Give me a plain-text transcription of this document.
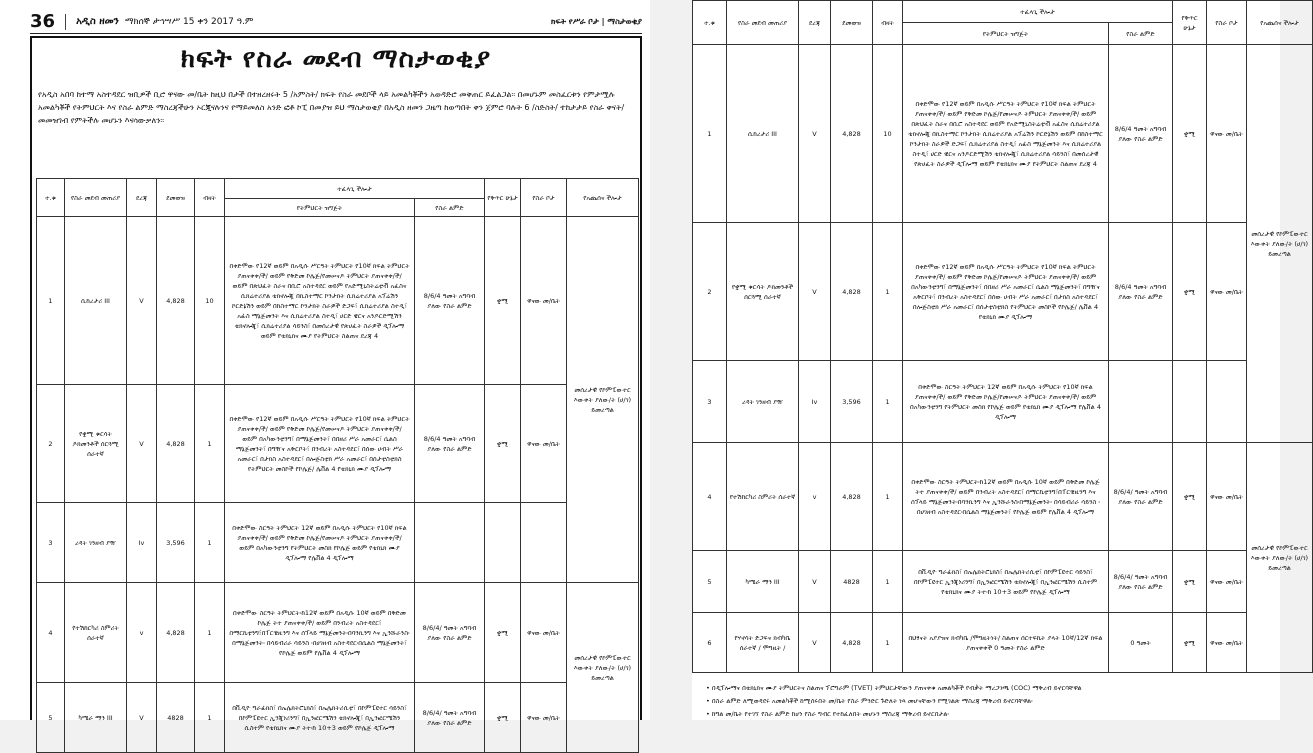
36 አዲስ ዘመን ማክሰኞ ታኅሣሥ 15 ቀን 2017 ዓ.ም	ክፍት የሥራ ቦታ | ማስታወቂያ
ክፍት የስራ መደብ ማስታወቂያ
የአዲስ አበባ ከተማ አስተዳደር ዝቢዎች ቢሮ ዋናው መ/ቤት ከዚህ በታች በተዘረዘሩት 5 /አምስት/ ክፍት የስራ መደቦች ላይ አመልካቾችን አወዳድሮ መቅጠር ይፈልጋል፡፡ በመሆኑም መስፈርቱን የምታሟሉ አመልካቾች የትምህርት እና የስራ ልምድ ማስረጃችሁን ኦርጂናሉንና የማይመለስ አንድ ፎቶ ኮፒ በመያዝ ይህ ማስታወቂያ በአዲስ ዘመን ጋዜጣ ከወጣበት ቀን ጀምሮ ባሉት 6 /ስድስት/ ተከታታይ የስራ ቀናት/ መመዝገብ የምትችሉ መሆኑን እናሳውቃለን፡፡
ተ.ቁ	የስራ መደብ መጠሪያ	ደረጃ	ደመወዝ	ብዛት	ተፈላጊ ችሎታ		የቅጥር ሁኔታ	የስራ ቦታ	የአጨሰና ችሎታ
					የትምህርት ዝግጅት	የስራ ልምድ			
1	ሲከረታሪ III	V	4,828	10	በቀድሞው የ12ኛ ወይም በአዲሱ ሥርዓት ትምህርት የ10ኛ ክፍል ትምህርት ያጠናቀቀ/ች/ ወይም የቅድመ ኮሌጅ/የመሠናዶ ትምህርት ያጠናቀቀ/ች/ ወይም በጽህፈት ስራና በቢሮ አስተዳደር ወይም የአድሚኒስትሬቲቭ አፈስና ሲክሬተሪያል ቴክኖሎጂ በኪስተማር ኮንታክት ሲክሬተሪያል አፕሬሽን ኮርድኔሽን ወይም በከስተማር ኮንታክት ስራዎች ድጋፍ፣ ሲክሬተሪያል ስተዲ፣ አፊስ ማኔጅመንት እና ሲክሬተሪያል ስተዲ፣ ሀርድ ዌርና አንዶርድሚሽን ቴክኖሎጂ፣ ሲክሬተሪያል ሳይንስ፣ በመሰረታዊ የጽሀፈት ስራዎች ዲፕሎማ ወይም የቴክኒክና ሙያ የትምህርት ስልጠና ደረጃ 4	8/6/4 ዓመት አግባብ ያለው የስራ ልምድ	ቋሚ	ዋናው መ/ቤት	መሰረታዊ የኮምፒውተር እውቀት ያለው/ት (ሀ/ገ) ይመረጣል
2	የቋሚ ቁርሳት ዶክመንቶች ሰርጓሚ ሰራተኛ	V	4,828	1	በቀድሞው የ12ኛ ወይም በአዲሱ ሥርዓት ትምህርት የ10ኛ ክፍል ትምህርት ያጠናቀቀ/ች/ ወይም የቅድመ ኮሌጅ/የመሠናዶ ትምህርት ያጠናቀቀ/ች/ ወይም በአካውንቲንግ፣ በማኔጅመንት፣ በበዘሪ ሥራ አመራር፣ ሴልስ ማኔጅመንት፣ በግዥና አቅርቦት፣ በንብረት አስተዳደር፣ በሰው ሀብት ሥራ አመራር፣ በታክስ አስተዳደር፣ በሎጅስቲክ ሥራ አመራር፣ በሰታቲስቲክስ የትምህርት መስኮች የኮሌጅ/ ሌቨል 4 የቴክኒክ ሙያ ዲፕሎማ	8/6/4 ዓመት አግባብ ያለው የስራ ልምድ	ቋሚ	ዋናው መ/ቤት	
3	ረዳት ገንዘብ ያዥ	Iv	3,596	1	በቀድሞው ስርዓት ትምህርት 12ኛ ወይም በአዲሱ ትምህርት የ10ኛ ክፍል ያጠናቀቀ/ች/ ወይም የቅድመ ኮሌጅ/የመሠናዶ ትምህርት ያጠናቀቀ/ች/ ወይም በአካውንቲንግ የትምህርት መስክ የኮሌጅ ወይም የቴክኒክ ሙያ ዲፕሎማ የሌቨል 4 ዲፕሎማ				
4	የተሽከርካሪ ስምሪት ሰራተኛ	v	4,828	1	በቀድሞው ስርዓት ትምህርት፡ከ12ኛ ወይም በአዲሱ 10ኛ ወይም በቅድመ ኮሌጅ ትተ ያጠናቀቀ/ች/ ወይም በንብረት አስተዳደር፣ በማርኬቲንግ፣በፐርቼዚንግ እና ሰፕላይ ማኔጅመንት፡በባንኪንግ እና ኢንሹራንስ፡በማኔጅመንት፡ በሳይብሪራ ሳይንስ ፡በሀገዘብ አስተዳደር፡በሴልስ ማኔጅመንት፣ የኮሌጅ ወይም የሌቨል 4 ዲፕሎማ	8/6/4/ ዓመት አግባብ ያለው የስራ ልምድ	ቋሚ	ዋናው መ/ቤት	መሰረታዊ የኮምፒውተር እውቀት ያለው/ት (ሀ/ገ) ይመረጣል
5	ካሜራ ማን III	V	4828	1	በቪዲዮ ግራፊክስ፣ በኤሌክትሮኒክስ፣ በኤሌክትሪሲቲ፣ በኮምፒዩተር ሳይንስ፣ በኮምፒዩተር ኢንጂነሪንግ፣ በኢንፎርሜሽን ቴክኖሎጂ፣ በኢንፎርሜሽን ሲስተም የቴክኒክና ሙያ ትተ፡ከ 10+3 ወይም የኮሌጅ ዲፕሎማ	8/6/4/ ዓመት አግባብ ያለው የስራ ልምድ	ቋሚ	ዋናው መ/ቤት	
ተ.ቁ	የስራ መደብ መጠሪያ	ደረጃ	ደመወዝ	ብዛት	ተፈላጊ ችሎታ		የቅጥር ሁኔታ	የስራ ቦታ	የአጨሰና ችሎታ
					የትምህርት ዝግጅት	የስራ ልምድ			
1	ሲከረታሪ III	V	4,828	10	በቀድሞው የ12ኛ ወይም በአዲሱ ሥርዓት ትምህርት የ10ኛ ክፍል ትምህርት ያጠናቀቀ/ች/ ወይም የቅድመ ኮሌጅ/የመሠናዶ ትምህርት ያጠናቀቀ/ች/ ወይም በጽህፈት ስራና በቢሮ አስተዳደር ወይም የአድሚኒስትሬቲቭ አፈስና ሲክሬተሪያል ቴክኖሎጂ በኪስተማር ኮንታክት ሲክሬተሪያል አፕሬሽን ኮርድኔሽን ወይም በከስተማር ኮንታክት ስራዎች ድጋፍ፣ ሲክሬተሪያል ስተዲ፣ አፊስ ማኔጅመንት እና ሲክሬተሪያል ስተዲ፣ ሀርድ ዌርና አንዶርድሚሽን ቴክኖሎጂ፣ ሲክሬተሪያል ሳይንስ፣ በመሰረታዊ የጽሀፈት ስራዎች ዲፕሎማ ወይም የቴክኒክና ሙያ የትምህርት ስልጠና ደረጃ 4	8/6/4 ዓመት አግባብ ያለው የስራ ልምድ	ቋሚ	ዋናው መ/ቤት	መሰረታዊ የኮምፒውተር እውቀት ያለው/ት (ሀ/ገ) ይመረጣል
2	የቋሚ ቁርሳት ዶክመንቶች ሰርጓሚ ሰራተኛ	V	4,828	1	በቀድሞው የ12ኛ ወይም በአዲሱ ሥርዓት ትምህርት የ10ኛ ክፍል ትምህርት ያጠናቀቀ/ች/ ወይም የቅድመ ኮሌጅ/የመሠናዶ ትምህርት ያጠናቀቀ/ች/ ወይም በአካውንቲንግ፣ በማኔጅመንት፣ በበዘሪ ሥራ አመራር፣ ሴልስ ማኔጅመንት፣ በግዥና አቅርቦት፣ በንብረት አስተዳደር፣ በሰው ሀብት ሥራ አመራር፣ በታክስ አስተዳደር፣ በሎጅስቲክ ሥራ አመራር፣ በሰታቲስቲክስ የትምህርት መስኮች የኮሌጅ/ ሌቨል 4 የቴክኒክ ሙያ ዲፕሎማ	8/6/4 ዓመት አግባብ ያለው የስራ ልምድ	ቋሚ	ዋናው መ/ቤት	
3	ረዳት ገንዘብ ያዥ	Iv	3,596	1	በቀድሞው ስርዓት ትምህርት 12ኛ ወይም በአዲሱ ትምህርት የ10ኛ ክፍል ያጠናቀቀ/ች/ ወይም የቅድመ ኮሌጅ/የመሠናዶ ትምህርት ያጠናቀቀ/ች/ ወይም በአካውንቲንግ የትምህርት መስክ የኮሌጅ ወይም የቴክኒክ ሙያ ዲፕሎማ የሌቨል 4 ዲፕሎማ				
4	የተሽከርካሪ ስምሪት ሰራተኛ	v	4,828	1	በቀድሞው ስርዓት ትምህርት፡ከ12ኛ ወይም በአዲሱ 10ኛ ወይም በቅድመ ኮሌጅ ትተ ያጠናቀቀ/ች/ ወይም በንብረት አስተዳደር፣ በማርኬቲንግ፣በፐርቼዚንግ እና ሰፕላይ ማኔጅመንት፡በባንኪንግ እና ኢንሹራንስ፡በማኔጅመንት፡ በሳይብሪራ ሳይንስ ፡በሀገዘብ አስተዳደር፡በሴልስ ማኔጅመንት፣ የኮሌጅ ወይም የሌቨል 4 ዲፕሎማ	8/6/4/ ዓመት አግባብ ያለው የስራ ልምድ	ቋሚ	ዋናው መ/ቤት	መሰረታዊ የኮምፒውተር እውቀት ያለው/ት (ሀ/ገ) ይመረጣል
5	ካሜራ ማን III	V	4828	1	በቪዲዮ ግራፊክስ፣ በኤሌክትሮኒክስ፣ በኤሌክትሪሲቲ፣ በኮምፒዩተር ሳይንስ፣ በኮምፒዩተር ኢንጂነሪንግ፣ በኢንፎርሜሽን ቴክኖሎጂ፣ በኢንፎርሜሽን ሲስተም የቴክኒክና ሙያ ትተ፡ከ 10+3 ወይም የኮሌጅ ዲፕሎማ	8/6/4/ ዓመት አግባብ ያለው የስራ ልምድ	ቋሚ	ዋናው መ/ቤት	
6	የሃኖሳት ድጋፍና ክብካቤ ሰራተኛ / ሞግዚት /	V	4,828	1	በህፃናት አያያዝና ክብካቤ /ሞግዚትነት/ ስልጠና ሰርተፍኬት ያላት 10ኛ/12ኛ ክፍል ያጠናቀቀች 0 ዓመት የስራ ልምድ	0 ዓመት	ቋሚ	ዋናው መ/ቤት	
• በዲፕሎማና በቴክኒክና ሙያ ትምህርትና ስልጠና ፕሮግራም (TVET) ትምህርታቸውን ያጠናቀቁ አመልካቾች የብቃት ማረጋገጫ (COC) ማቅረብ ይኖርባቸዋል
• በስራ ልምድ ለሚወዳደሩ አመልካቾች ከሚሰሩበት መ/ቤት የስራ ምንድር ጉድለት ነጻ መሆናቸውን የሚገልጽ ማስረጃ ማቅረብ ይኖርባቸዋል፡
• ከግል መ/ቤት የተገኘ የስራ ልምድ ከሆነ የስራ ግብር የተከፈለበት መሆኑን ማስረጃ ማቅረብ ይኖርበታል፡
